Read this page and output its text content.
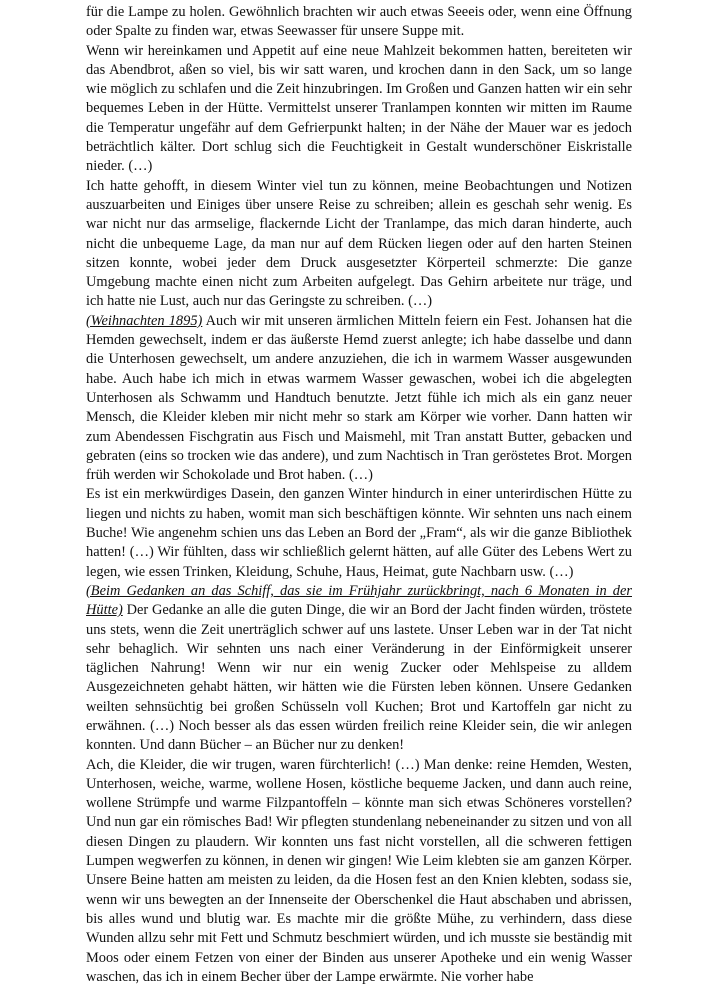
für die Lampe zu holen. Gewöhnlich brachten wir auch etwas Seeeis oder, wenn eine Öffnung oder Spalte zu finden war, etwas Seewasser für unsere Suppe mit.

Wenn wir hereinkamen und Appetit auf eine neue Mahlzeit bekommen hatten, bereiteten wir das Abendbrot, aßen so viel, bis wir satt waren, und krochen dann in den Sack, um so lange wie möglich zu schlafen und die Zeit hinzubringen. Im Großen und Ganzen hatten wir ein sehr bequemes Leben in der Hütte. Vermittelst unserer Tranlampen konnten wir mitten im Raume die Temperatur ungefähr auf dem Gefrierpunkt halten; in der Nähe der Mauer war es jedoch beträchtlich kälter. Dort schlug sich die Feuchtigkeit in Gestalt wunderschöner Eiskristalle nieder. (…)

Ich hatte gehofft, in diesem Winter viel tun zu können, meine Beobachtungen und Notizen auszuarbeiten und Einiges über unsere Reise zu schreiben; allein es geschah sehr wenig. Es war nicht nur das armselige, flackernde Licht der Tranlampe, das mich daran hinderte, auch nicht die unbequeme Lage, da man nur auf dem Rücken liegen oder auf den harten Steinen sitzen konnte, wobei jeder dem Druck ausgesetzter Körperteil schmerzte: Die ganze Umgebung machte einen nicht zum Arbeiten aufgelegt. Das Gehirn arbeitete nur träge, und ich hatte nie Lust, auch nur das Geringste zu schreiben. (…)

(Weihnachten 1895) Auch wir mit unseren ärmlichen Mitteln feiern ein Fest. Johansen hat die Hemden gewechselt, indem er das äußerste Hemd zuerst anlegte; ich habe dasselbe und dann die Unterhosen gewechselt, um andere anzuziehen, die ich in warmem Wasser ausgewunden habe. Auch habe ich mich in etwas warmem Wasser gewaschen, wobei ich die abgelegten Unterhosen als Schwamm und Handtuch benutzte. Jetzt fühle ich mich als ein ganz neuer Mensch, die Kleider kleben mir nicht mehr so stark am Körper wie vorher. Dann hatten wir zum Abendessen Fischgratin aus Fisch und Maismehl, mit Tran anstatt Butter, gebacken und gebraten (eins so trocken wie das andere), und zum Nachtisch in Tran geröstetes Brot. Morgen früh werden wir Schokolade und Brot haben. (…)

Es ist ein merkwürdiges Dasein, den ganzen Winter hindurch in einer unterirdischen Hütte zu liegen und nichts zu haben, womit man sich beschäftigen könnte. Wir sehnten uns nach einem Buche! Wie angenehm schien uns das Leben an Bord der „Fram“, als wir die ganze Bibliothek hatten! (…) Wir fühlten, dass wir schließlich gelernt hätten, auf alle Güter des Lebens Wert zu legen, wie essen Trinken, Kleidung, Schuhe, Haus, Heimat, gute Nachbarn usw. (…)

(Beim Gedanken an das Schiff, das sie im Frühjahr zurückbringt, nach 6 Monaten in der Hütte) Der Gedanke an alle die guten Dinge, die wir an Bord der Jacht finden würden, tröstete uns stets, wenn die Zeit unerträglich schwer auf uns lastete. Unser Leben war in der Tat nicht sehr behaglich. Wir sehnten uns nach einer Veränderung in der Einförmigkeit unserer täglichen Nahrung! Wenn wir nur ein wenig Zucker oder Mehlspeise zu alldem Ausgezeichneten gehabt hätten, wir hätten wie die Fürsten leben können. Unsere Gedanken weilten sehnsüchtig bei großen Schüsseln voll Kuchen; Brot und Kartoffeln gar nicht zu erwähnen. (…) Noch besser als das essen würden freilich reine Kleider sein, die wir anlegen konnten. Und dann Bücher – an Bücher nur zu denken!

Ach, die Kleider, die wir trugen, waren fürchterlich! (…) Man denke: reine Hemden, Westen, Unterhosen, weiche, warme, wollene Hosen, köstliche bequeme Jacken, und dann auch reine, wollene Strümpfe und warme Filzpantoffeln – könnte man sich etwas Schöneres vorstellen? Und nun gar ein römisches Bad! Wir pflegten stundenlang nebeneinander zu sitzen und von all diesen Dingen zu plaudern. Wir konnten uns fast nicht vorstellen, all die schweren fettigen Lumpen wegwerfen zu können, in denen wir gingen! Wie Leim klebten sie am ganzen Körper. Unsere Beine hatten am meisten zu leiden, da die Hosen fest an den Knien klebten, sodass sie, wenn wir uns bewegten an der Innenseite der Oberschenkel die Haut abschaben und abrissen, bis alles wund und blutig war. Es machte mir die größte Mühe, zu verhindern, dass diese Wunden allzu sehr mit Fett und Schmutz beschmiert würden, und ich musste sie beständig mit Moos oder einem Fetzen von einer der Binden aus unserer Apotheke und ein wenig Wasser waschen, das ich in einem Becher über der Lampe erwärmte. Nie vorher habe
